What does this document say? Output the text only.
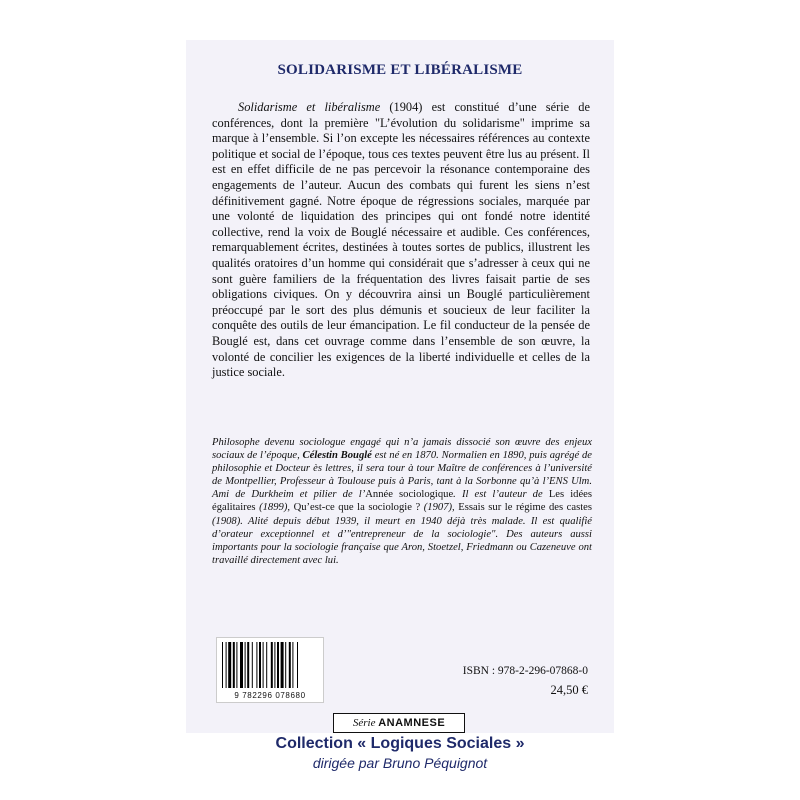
SOLIDARISME ET LIBÉRALISME

Solidarisme et libéralisme (1904) est constitué d’une série de conférences, dont la première "L’évolution du solidarisme" imprime sa marque à l’ensemble. Si l’on excepte les nécessaires références au contexte politique et social de l’époque, tous ces textes peuvent être lus au présent. Il est en effet difficile de ne pas percevoir la résonance contemporaine des engagements de l’auteur. Aucun des combats qui furent les siens n’est définitivement gagné. Notre époque de régressions sociales, marquée par une volonté de liquidation des principes qui ont fondé notre identité collective, rend la voix de Bouglé nécessaire et audible. Ces conférences, remarquablement écrites, destinées à toutes sortes de publics, illustrent les qualités oratoires d’un homme qui considérait que s’adresser à ceux qui ne sont guère familiers de la fréquentation des livres faisait partie de ses obligations civiques. On y découvrira ainsi un Bouglé particulièrement préoccupé par le sort des plus démunis et soucieux de leur faciliter la conquête des outils de leur émancipation. Le fil conducteur de la pensée de Bouglé est, dans cet ouvrage comme dans l’ensemble de son œuvre, la volonté de concilier les exigences de la liberté individuelle et celles de la justice sociale.

Philosophe devenu sociologue engagé qui n’a jamais dissocié son œuvre des enjeux sociaux de l’époque, Célestin Bouglé est né en 1870. Normalien en 1890, puis agrégé de philosophie et Docteur ès lettres, il sera tour à tour Maître de conférences à l’université de Montpellier, Professeur à Toulouse puis à Paris, tant à la Sorbonne qu’à l’ENS Ulm. Ami de Durkheim et pilier de l’Année sociologique. Il est l’auteur de Les idées égalitaires (1899), Qu’est-ce que la sociologie ? (1907), Essais sur le régime des castes (1908). Alité depuis début 1939, il meurt en 1940 déjà très malade. Il est qualifié d’orateur exceptionnel et d’"entrepreneur de la sociologie". Des auteurs aussi importants pour la sociologie française que Aron, Stoetzel, Friedmann ou Cazeneuve ont travaillé directement avec lui.

9 782296 078680
ISBN : 978-2-296-07868-0
24,50 €
Série ANAMNESE
Collection « Logiques Sociales »
dirigée par Bruno Péquignot
